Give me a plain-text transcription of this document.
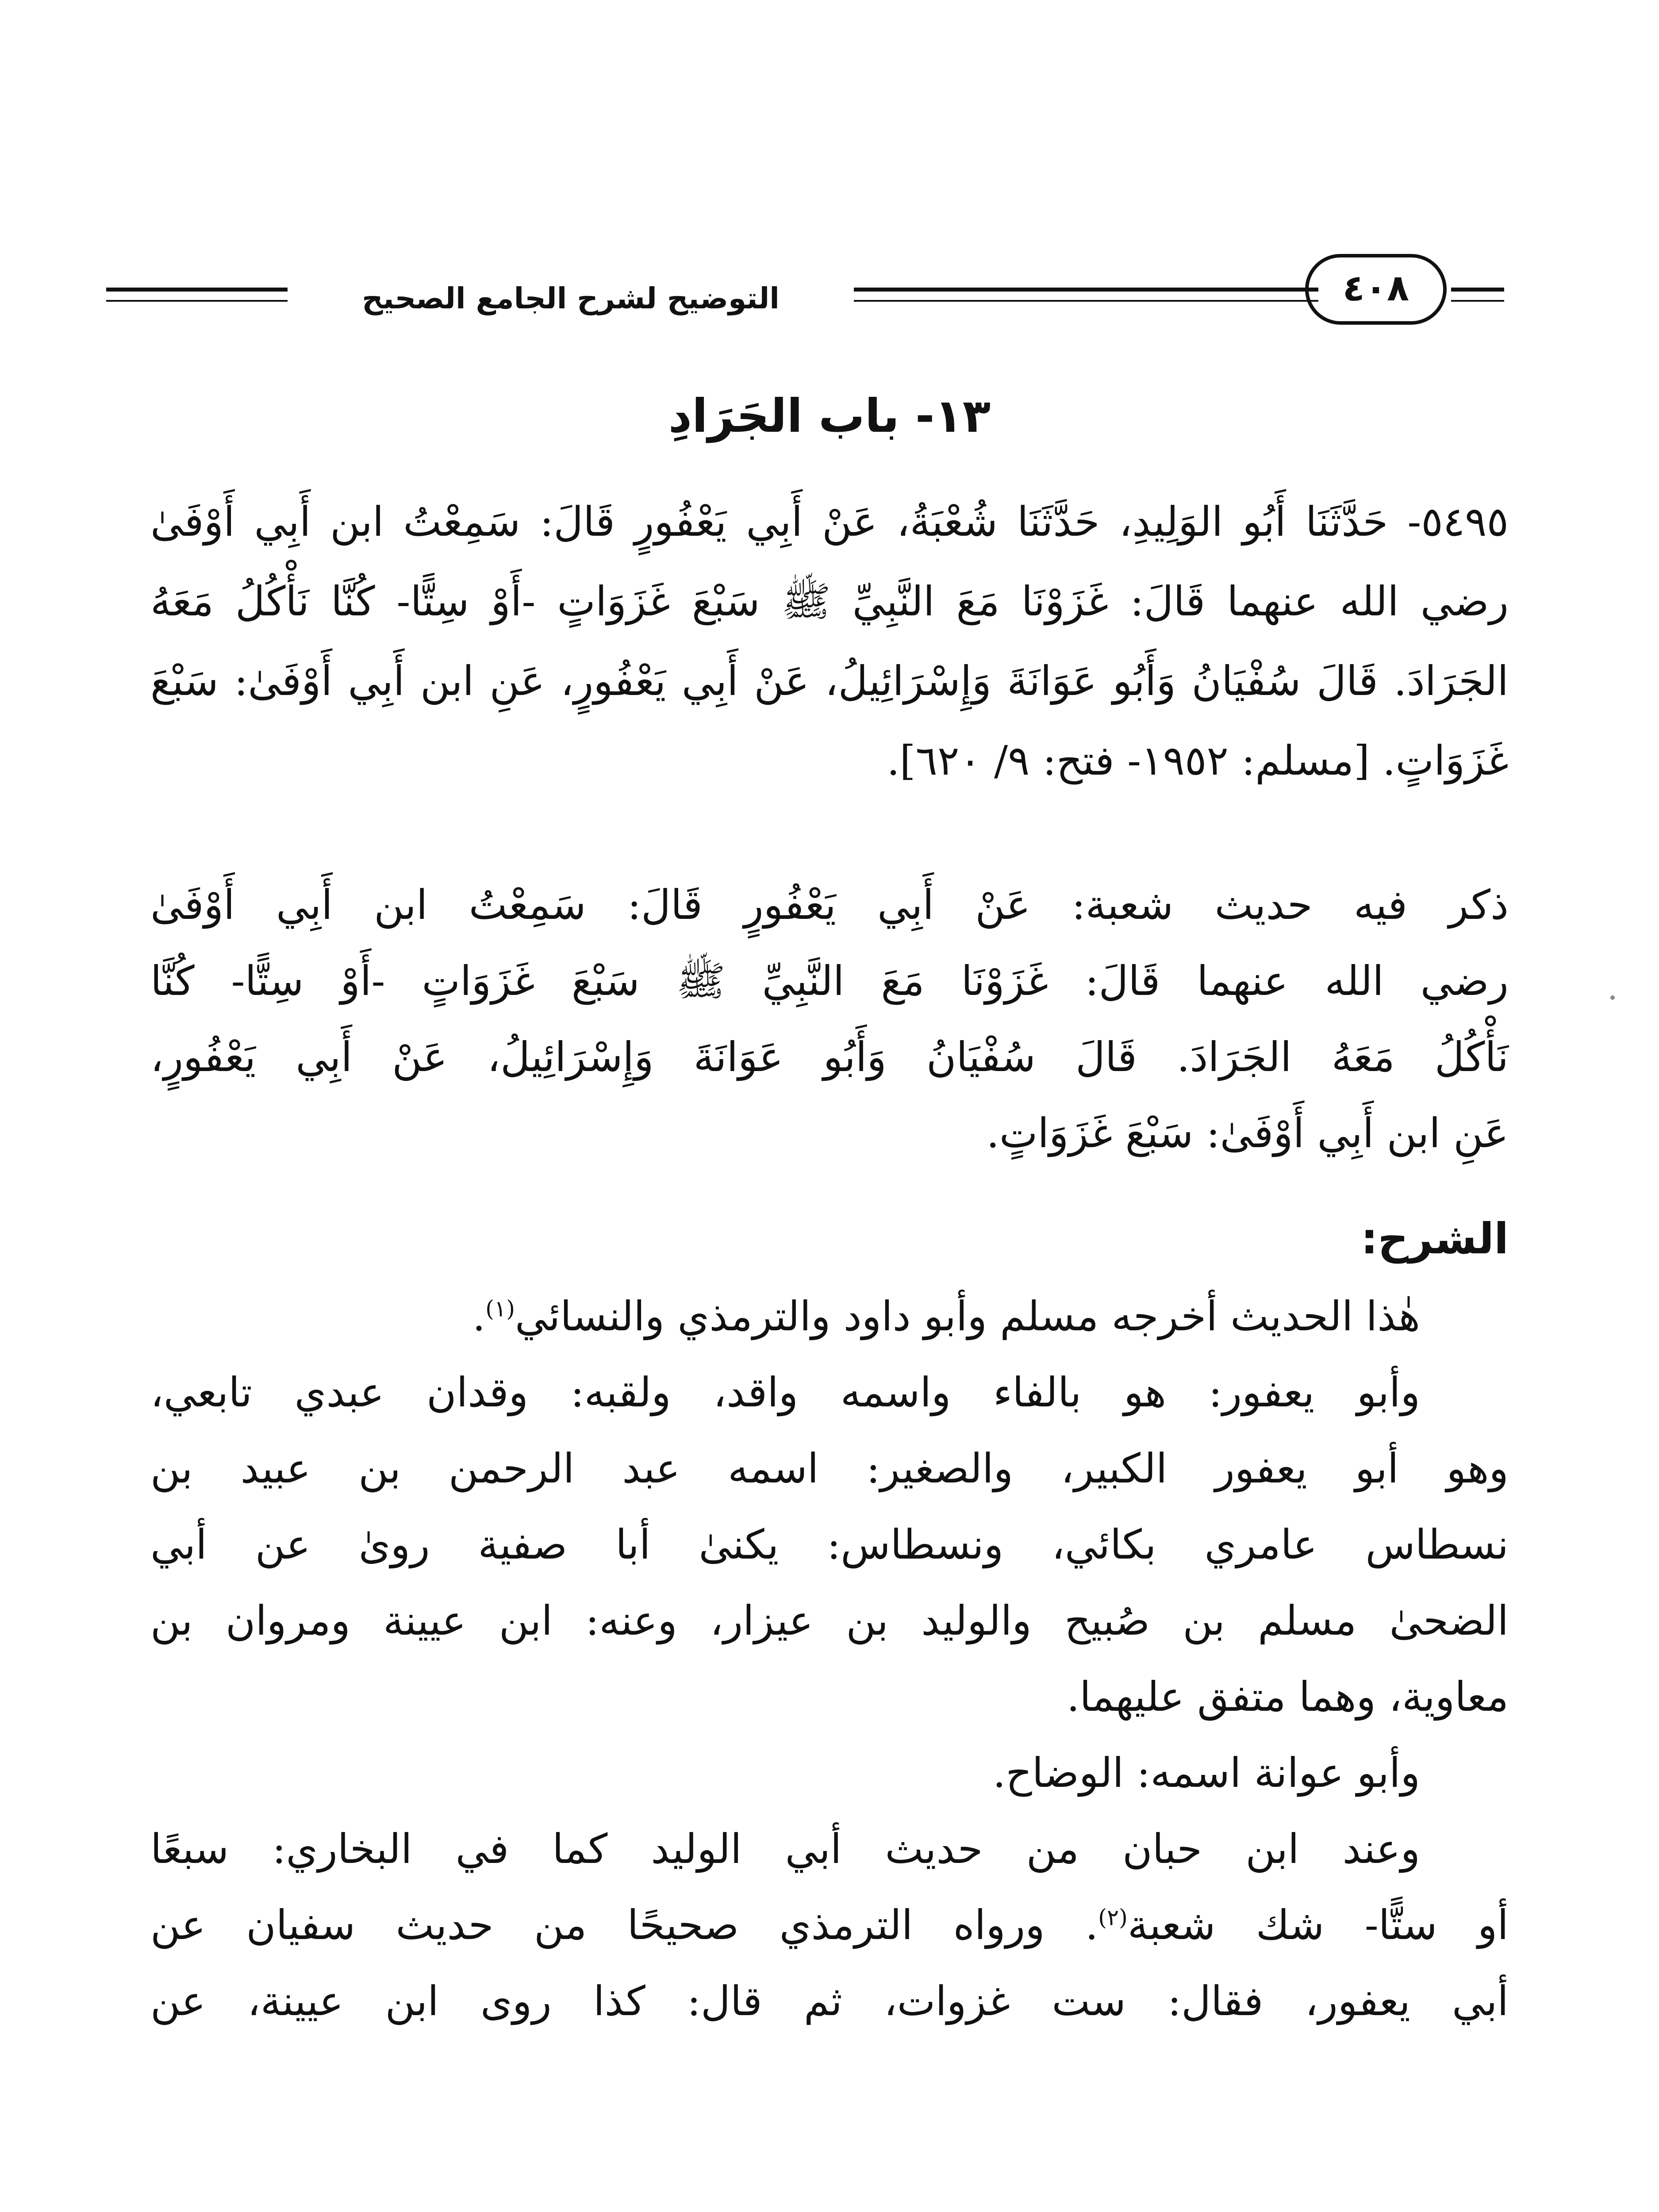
التوضيح لشرح الجامع الصحيح	٤٠٨
١٣- باب الجَرَادِ
٥٤٩٥- حَدَّثَنَا أَبُو الوَلِيدِ، حَدَّثَنَا شُعْبَةُ، عَنْ أَبِي يَعْفُورٍ قَالَ: سَمِعْتُ ابن أَبِي أَوْفَىٰ
رضي الله عنهما قَالَ: غَزَوْنَا مَعَ النَّبِيِّ ﷺ سَبْعَ غَزَوَاتٍ -أَوْ سِتًّا- كُنَّا نَأْكُلُ مَعَهُ
الجَرَادَ. قَالَ سُفْيَانُ وَأَبُو عَوَانَةَ وَإِسْرَائِيلُ، عَنْ أَبِي يَعْفُورٍ، عَنِ ابن أَبِي أَوْفَىٰ: سَبْعَ
غَزَوَاتٍ. [مسلم: ١٩٥٢- فتح: ٩/ ٦٢٠].
ذكر فيه حديث شعبة: عَنْ أَبِي يَعْفُورٍ قَالَ: سَمِعْتُ ابن أَبِي أَوْفَىٰ
رضي الله عنهما قَالَ: غَزَوْنَا مَعَ النَّبِيِّ ﷺ سَبْعَ غَزَوَاتٍ -أَوْ سِتًّا- كُنَّا
نَأْكُلُ مَعَهُ الجَرَادَ. قَالَ سُفْيَانُ وَأَبُو عَوَانَةَ وَإِسْرَائِيلُ، عَنْ أَبِي يَعْفُورٍ،
عَنِ ابن أَبِي أَوْفَىٰ: سَبْعَ غَزَوَاتٍ.
الشرح:
هٰذا الحديث أخرجه مسلم وأبو داود والترمذي والنسائي$^{(١)}$.
وأبو يعفور: هو بالفاء واسمه واقد، ولقبه: وقدان عبدي تابعي،
وهو أبو يعفور الكبير، والصغير: اسمه عبد الرحمن بن عبيد بن
نسطاس عامري بكائي، ونسطاس: يكنىٰ أبا صفية روىٰ عن أبي
الضحىٰ مسلم بن صُبيح والوليد بن عيزار، وعنه: ابن عيينة ومروان بن
معاوية، وهما متفق عليهما.
وأبو عوانة اسمه: الوضاح.
وعند ابن حبان من حديث أبي الوليد كما في البخاري: سبعًا
أو ستًّا- شك شعبة$^{(٢)}$. ورواه الترمذي صحيحًا من حديث سفيان عن
أبي يعفور، فقال: ست غزوات، ثم قال: كذا روى ابن عيينة، عن
